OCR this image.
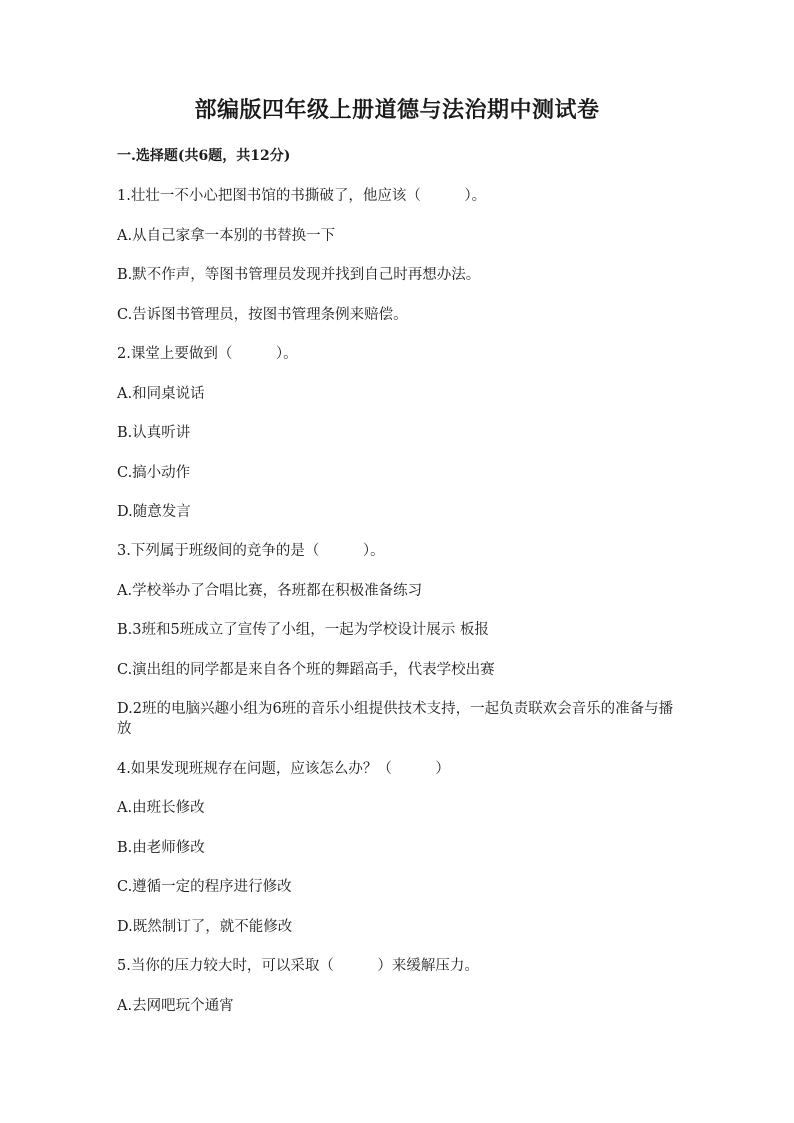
部编版四年级上册道德与法治期中测试卷
一.选择题(共6题，共12分)
1.壮壮一不小心把图书馆的书撕破了，他应该（　　　）。
A.从自己家拿一本别的书替换一下
B.默不作声，等图书管理员发现并找到自己时再想办法。
C.告诉图书管理员，按图书管理条例来赔偿。
2.课堂上要做到（　　　）。
A.和同桌说话
B.认真听讲
C.搞小动作
D.随意发言
3.下列属于班级间的竞争的是（　　　）。
A.学校举办了合唱比赛，各班都在积极准备练习
B.3班和5班成立了宣传了小组，一起为学校设计展示 板报
C.演出组的同学都是来自各个班的舞蹈高手，代表学校出赛
D.2班的电脑兴趣小组为6班的音乐小组提供技术支持，一起负责联欢会音乐的准备与播放
4.如果发现班规存在问题，应该怎么办？（　　　）
A.由班长修改
B.由老师修改
C.遵循一定的程序进行修改
D.既然制订了，就不能修改
5.当你的压力较大时，可以采取（　　　）来缓解压力。
A.去网吧玩个通宵
